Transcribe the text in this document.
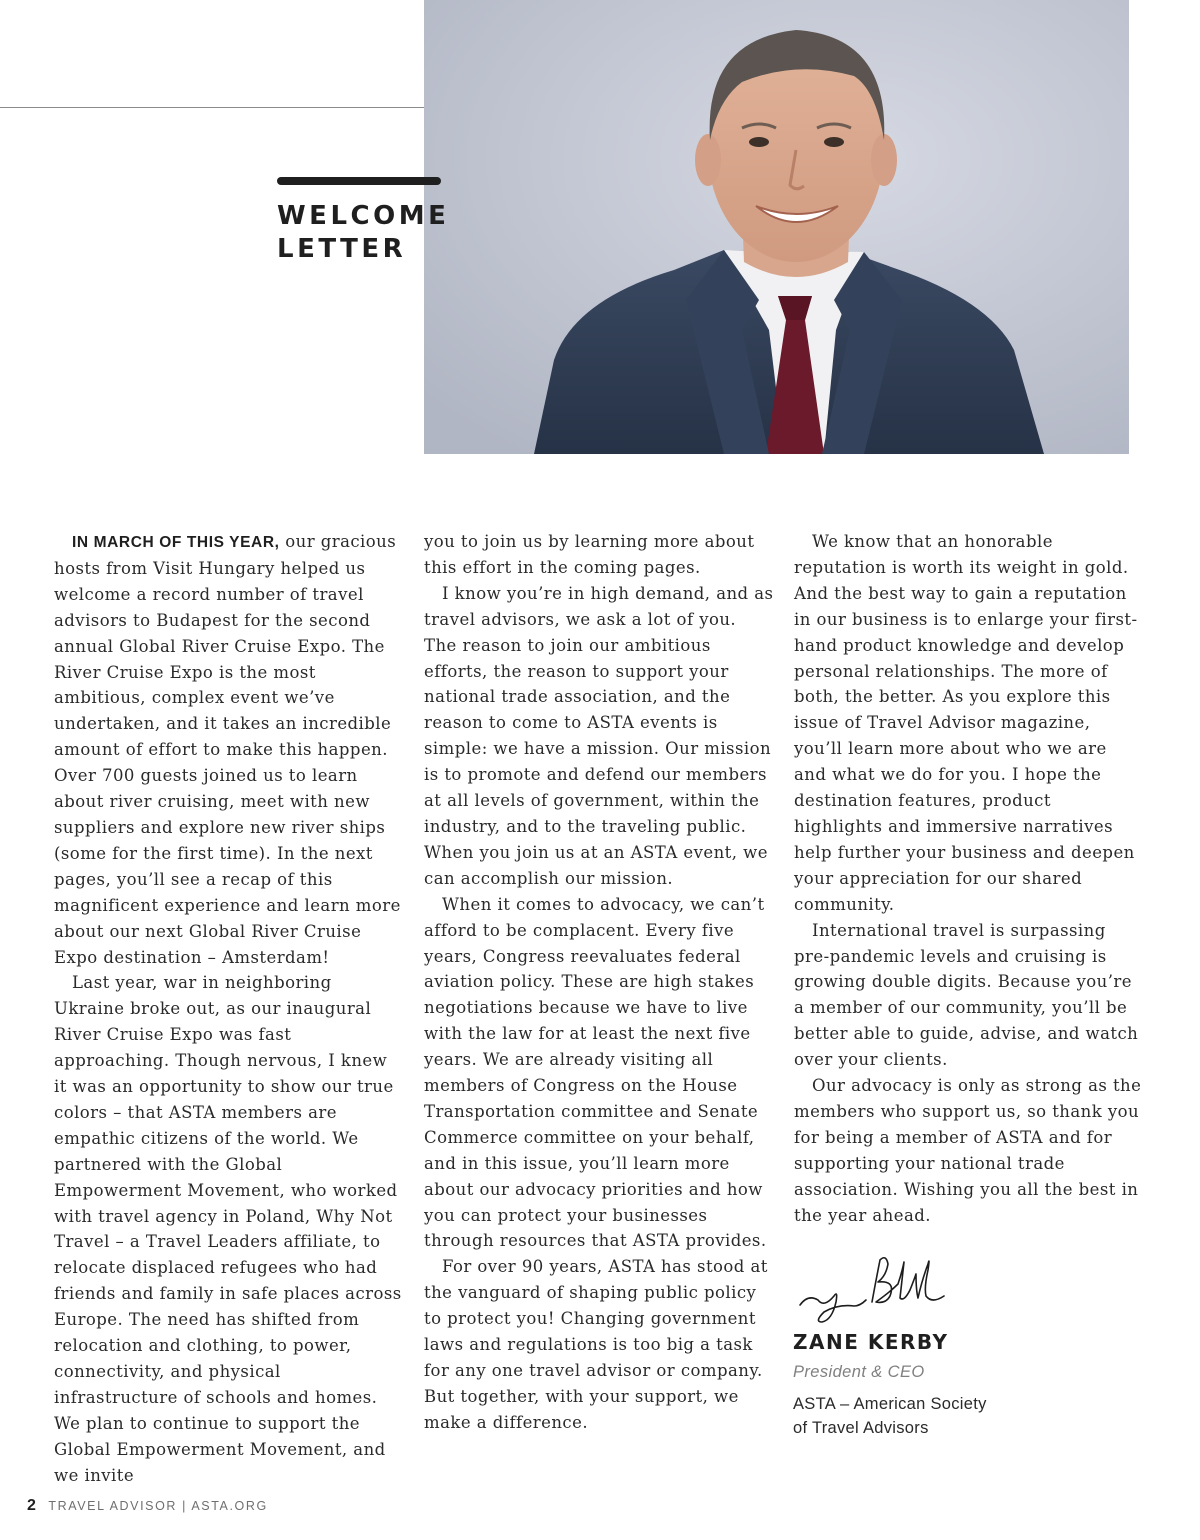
WELCOME
LETTER

IN MARCH OF THIS YEAR, our gracious hosts from Visit Hungary helped us welcome a record number of travel advisors to Budapest for the second annual Global River Cruise Expo. The River Cruise Expo is the most ambitious, complex event we’ve undertaken, and it takes an incredible amount of effort to make this happen. Over 700 guests joined us to learn about river cruising, meet with new suppliers and explore new river ships (some for the first time). In the next pages, you’ll see a recap of this magnificent experience and learn more about our next Global River Cruise Expo destination – Amsterdam!

Last year, war in neighboring Ukraine broke out, as our inaugural River Cruise Expo was fast approaching. Though nervous, I knew it was an opportunity to show our true colors – that ASTA members are empathic citizens of the world. We partnered with the Global Empowerment Movement, who worked with travel agency in Poland, Why Not Travel – a Travel Leaders affiliate, to relocate displaced refugees who had friends and family in safe places across Europe. The need has shifted from relocation and clothing, to power, connectivity, and physical infrastructure of schools and homes. We plan to continue to support the Global Empowerment Movement, and we invite

you to join us by learning more about this effort in the coming pages.

I know you’re in high demand, and as travel advisors, we ask a lot of you. The reason to join our ambitious efforts, the reason to support your national trade association, and the reason to come to ASTA events is simple: we have a mission. Our mission is to promote and defend our members at all levels of government, within the industry, and to the traveling public. When you join us at an ASTA event, we can accomplish our mission.

When it comes to advocacy, we can’t afford to be complacent. Every five years, Congress reevaluates federal aviation policy. These are high stakes negotiations because we have to live with the law for at least the next five years. We are already visiting all members of Congress on the House Transportation committee and Senate Commerce committee on your behalf, and in this issue, you’ll learn more about our advocacy priorities and how you can protect your businesses through resources that ASTA provides.

For over 90 years, ASTA has stood at the vanguard of shaping public policy to protect you! Changing government laws and regulations is too big a task for any one travel advisor or company. But together, with your support, we make a difference.

We know that an honorable reputation is worth its weight in gold. And the best way to gain a reputation in our business is to enlarge your first-hand product knowledge and develop personal relationships. The more of both, the better. As you explore this issue of Travel Advisor magazine, you’ll learn more about who we are and what we do for you. I hope the destination features, product highlights and immersive narratives help further your business and deepen your appreciation for our shared community.

International travel is surpassing pre-pandemic levels and cruising is growing double digits. Because you’re a member of our community, you’ll be better able to guide, advise, and watch over your clients.

Our advocacy is only as strong as the members who support us, so thank you for being a member of ASTA and for supporting your national trade association. Wishing you all the best in the year ahead.

ZANE KERBY
President & CEO
ASTA – American Society
of Travel Advisors
2 TRAVEL ADVISOR | ASTA.ORG
